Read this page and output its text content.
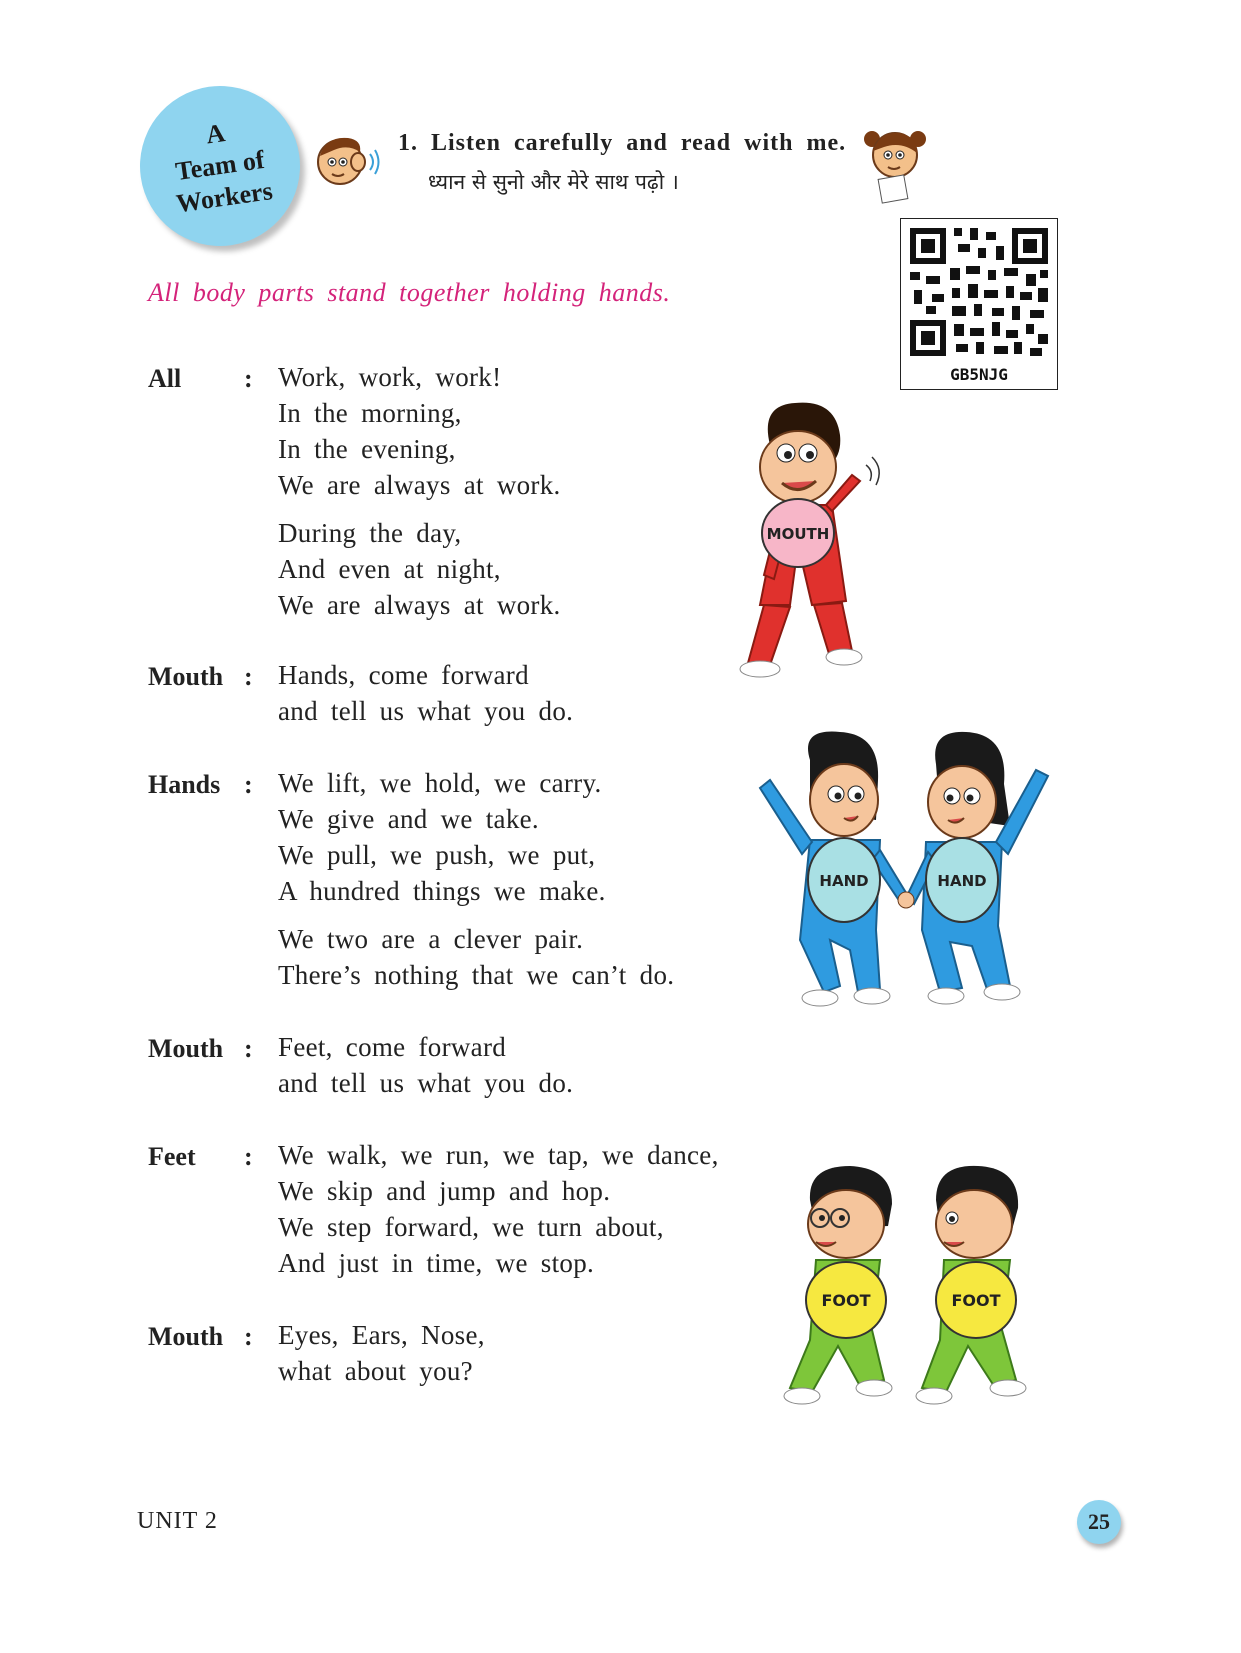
A
Team of
Workers
1. Listen carefully and read with me.
ध्यान से सुनो और मेरे साथ पढ़ो ।
GB5NJG
All body parts stand together holding hands.
All : Work, work, work!
In the morning,
In the evening,
We are always at work.
During the day,
And even at night,
We are always at work.
Mouth : Hands, come forward
and tell us what you do.
Hands : We lift, we hold, we carry.
We give and we take.
We pull, we push, we put,
A hundred things we make.
We two are a clever pair.
There’s nothing that we can’t do.
Mouth : Feet, come forward
and tell us what you do.
Feet : We walk, we run, we tap, we dance,
We skip and jump and hop.
We step forward, we turn about,
And just in time, we stop.
Mouth : Eyes, Ears, Nose,
what about you?
MOUTH
HAND	HAND
FOOT	FOOT
UNIT 2	25
